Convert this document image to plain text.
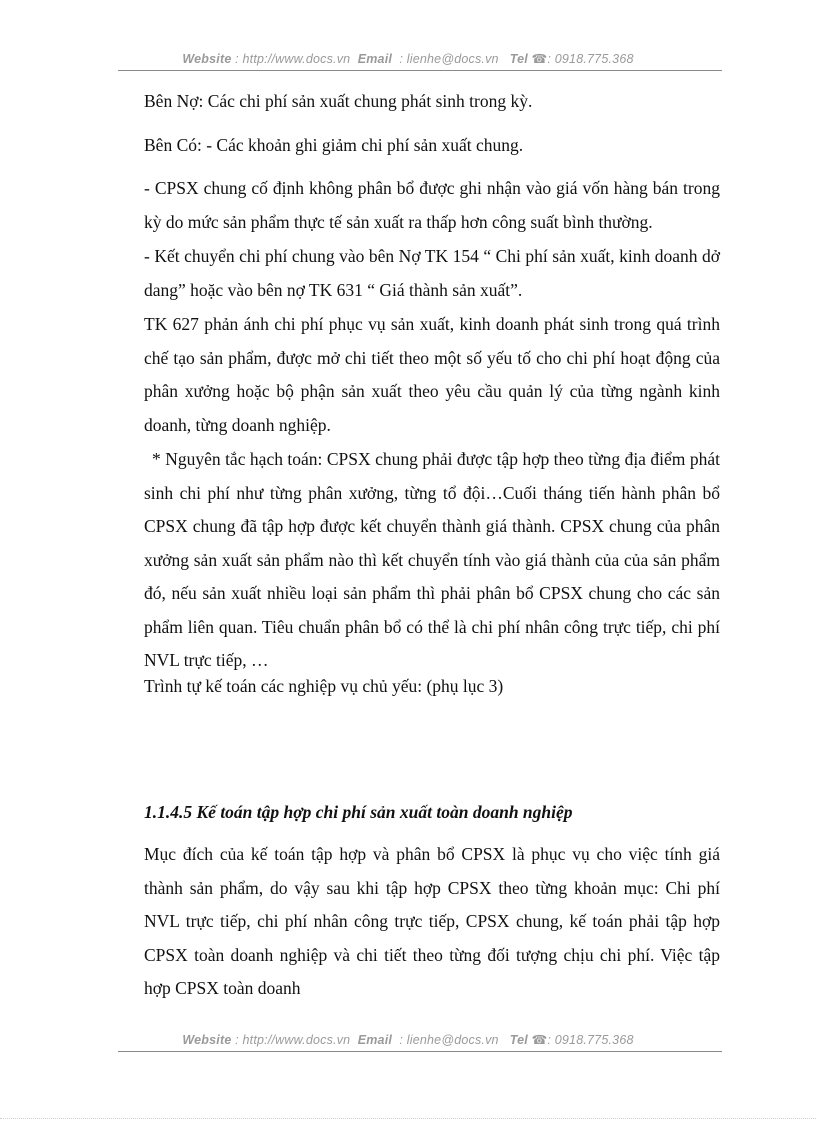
Website : http://www.docs.vn Email : lienhe@docs.vn Tel ☎: 0918.775.368

Bên Nợ: Các chi phí sản xuất chung phát sinh trong kỳ.

Bên Có: - Các khoản ghi giảm chi phí sản xuất chung.

- CPSX chung cố định không phân bổ được ghi nhận vào giá vốn hàng bán trong kỳ do mức sản phẩm thực tế sản xuất ra thấp hơn công suất bình thường.

- Kết chuyển chi phí chung vào bên Nợ TK 154 “ Chi phí sản xuất, kinh doanh dở dang” hoặc vào bên nợ TK 631 “ Giá thành sản xuất”.

TK 627 phản ánh chi phí phục vụ sản xuất, kinh doanh phát sinh trong quá trình chế tạo sản phẩm, được mở chi tiết theo một số yếu tố cho chi phí hoạt động của phân xưởng hoặc bộ phận sản xuất theo yêu cầu quản lý của từng ngành kinh doanh, từng doanh nghiệp.

* Nguyên tắc hạch toán: CPSX chung phải được tập hợp theo từng địa điểm phát sinh chi phí như từng phân xưởng, từng tổ đội…Cuối tháng tiến hành phân bổ CPSX chung đã tập hợp được kết chuyển thành giá thành. CPSX chung của phân xưởng sản xuất sản phẩm nào thì kết chuyển tính vào giá thành của của sản phẩm đó, nếu sản xuất nhiều loại sản phẩm thì phải phân bổ CPSX chung cho các sản phẩm liên quan. Tiêu chuẩn phân bổ có thể là chi phí nhân công trực tiếp, chi phí NVL trực tiếp, …

Trình tự kế toán các nghiệp vụ chủ yếu: (phụ lục 3)

1.1.4.5 Kế toán tập hợp chi phí sản xuất toàn doanh nghiệp

Mục đích của kế toán tập hợp và phân bổ CPSX là phục vụ cho việc tính giá thành sản phẩm, do vậy sau khi tập hợp CPSX theo từng khoản mục: Chi phí NVL trực tiếp, chi phí nhân công trực tiếp, CPSX chung, kế toán phải tập hợp CPSX toàn doanh nghiệp và chi tiết theo từng đối tượng chịu chi phí. Việc tập hợp CPSX toàn doanh

Website : http://www.docs.vn Email : lienhe@docs.vn Tel ☎: 0918.775.368
